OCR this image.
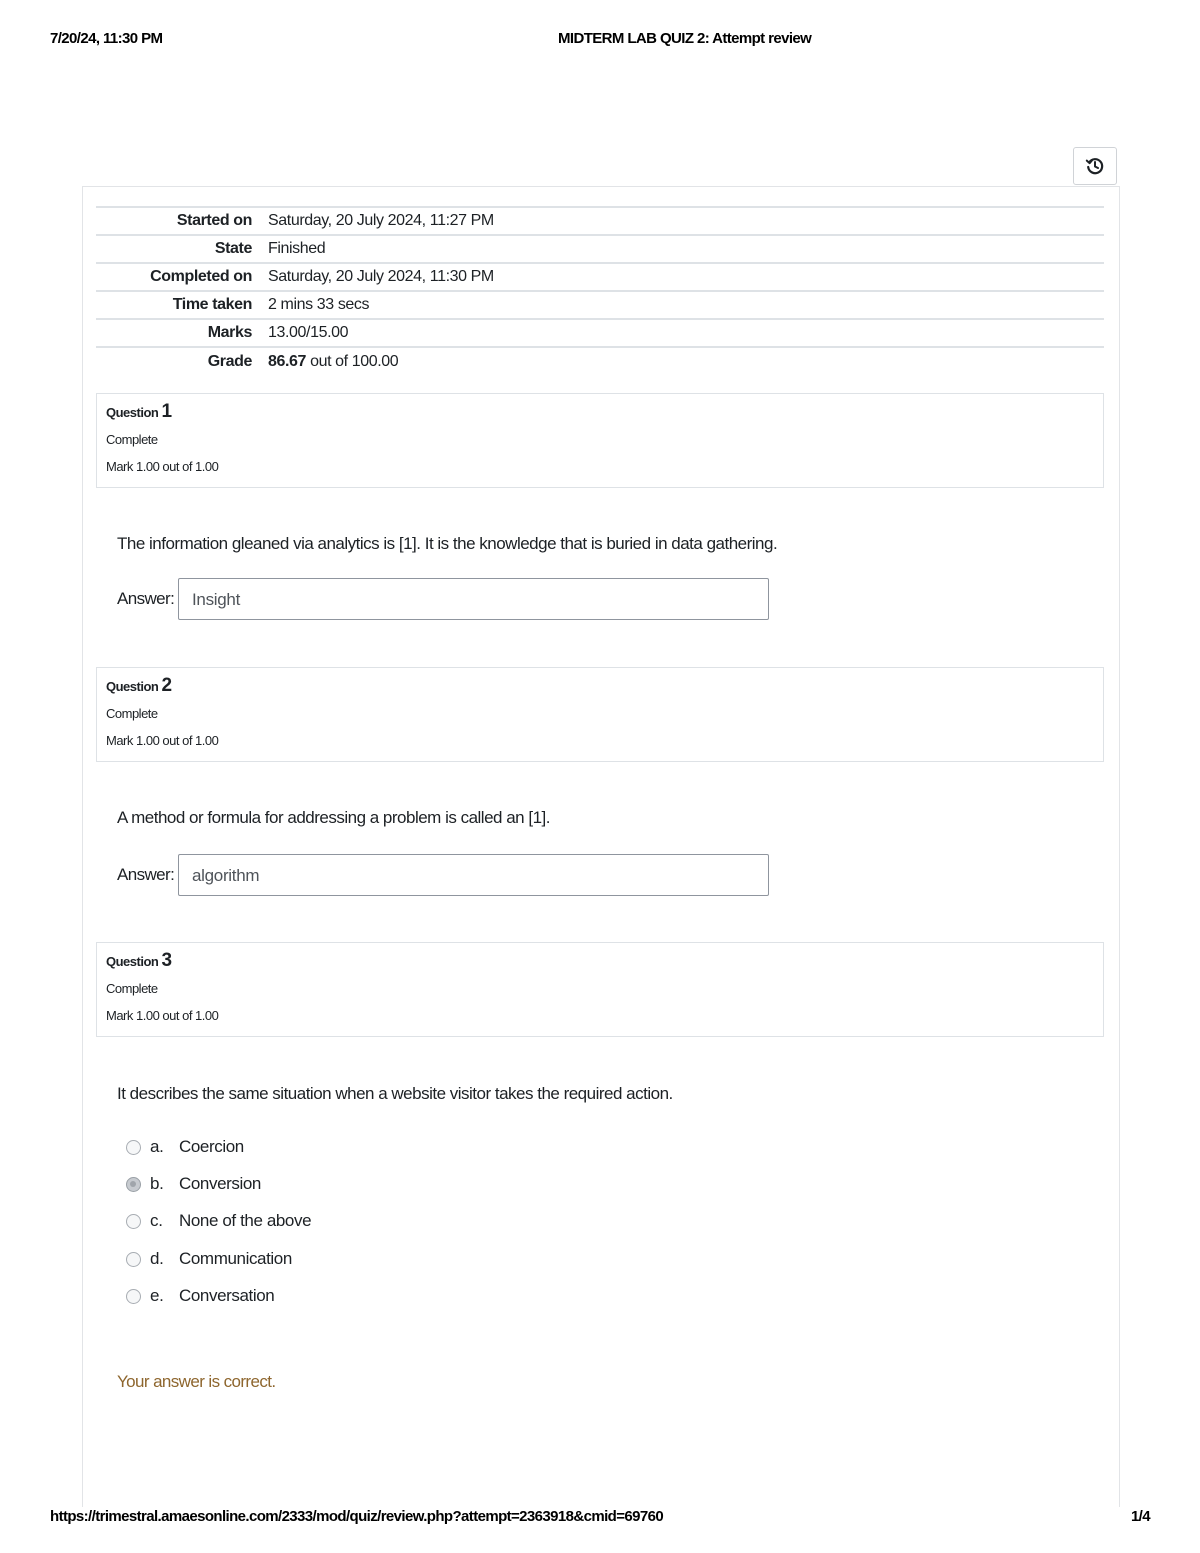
7/20/24, 11:30 PM	MIDTERM LAB QUIZ 2: Attempt review
Started on	Saturday, 20 July 2024, 11:27 PM
State	Finished
Completed on	Saturday, 20 July 2024, 11:30 PM
Time taken	2 mins 33 secs
Marks	13.00/15.00
Grade	86.67 out of 100.00
Question 1
Complete
Mark 1.00 out of 1.00
The information gleaned via analytics is [1]. It is the knowledge that is buried in data gathering.
Answer:	Insight
Question 2
Complete
Mark 1.00 out of 1.00
A method or formula for addressing a problem is called an [1].
Answer:	algorithm
Question 3
Complete
Mark 1.00 out of 1.00
It describes the same situation when a website visitor takes the required action.
a. Coercion
b. Conversion
c. None of the above
d. Communication
e. Conversation
Your answer is correct.
https://trimestral.amaesonline.com/2333/mod/quiz/review.php?attempt=2363918&cmid=69760	1/4
